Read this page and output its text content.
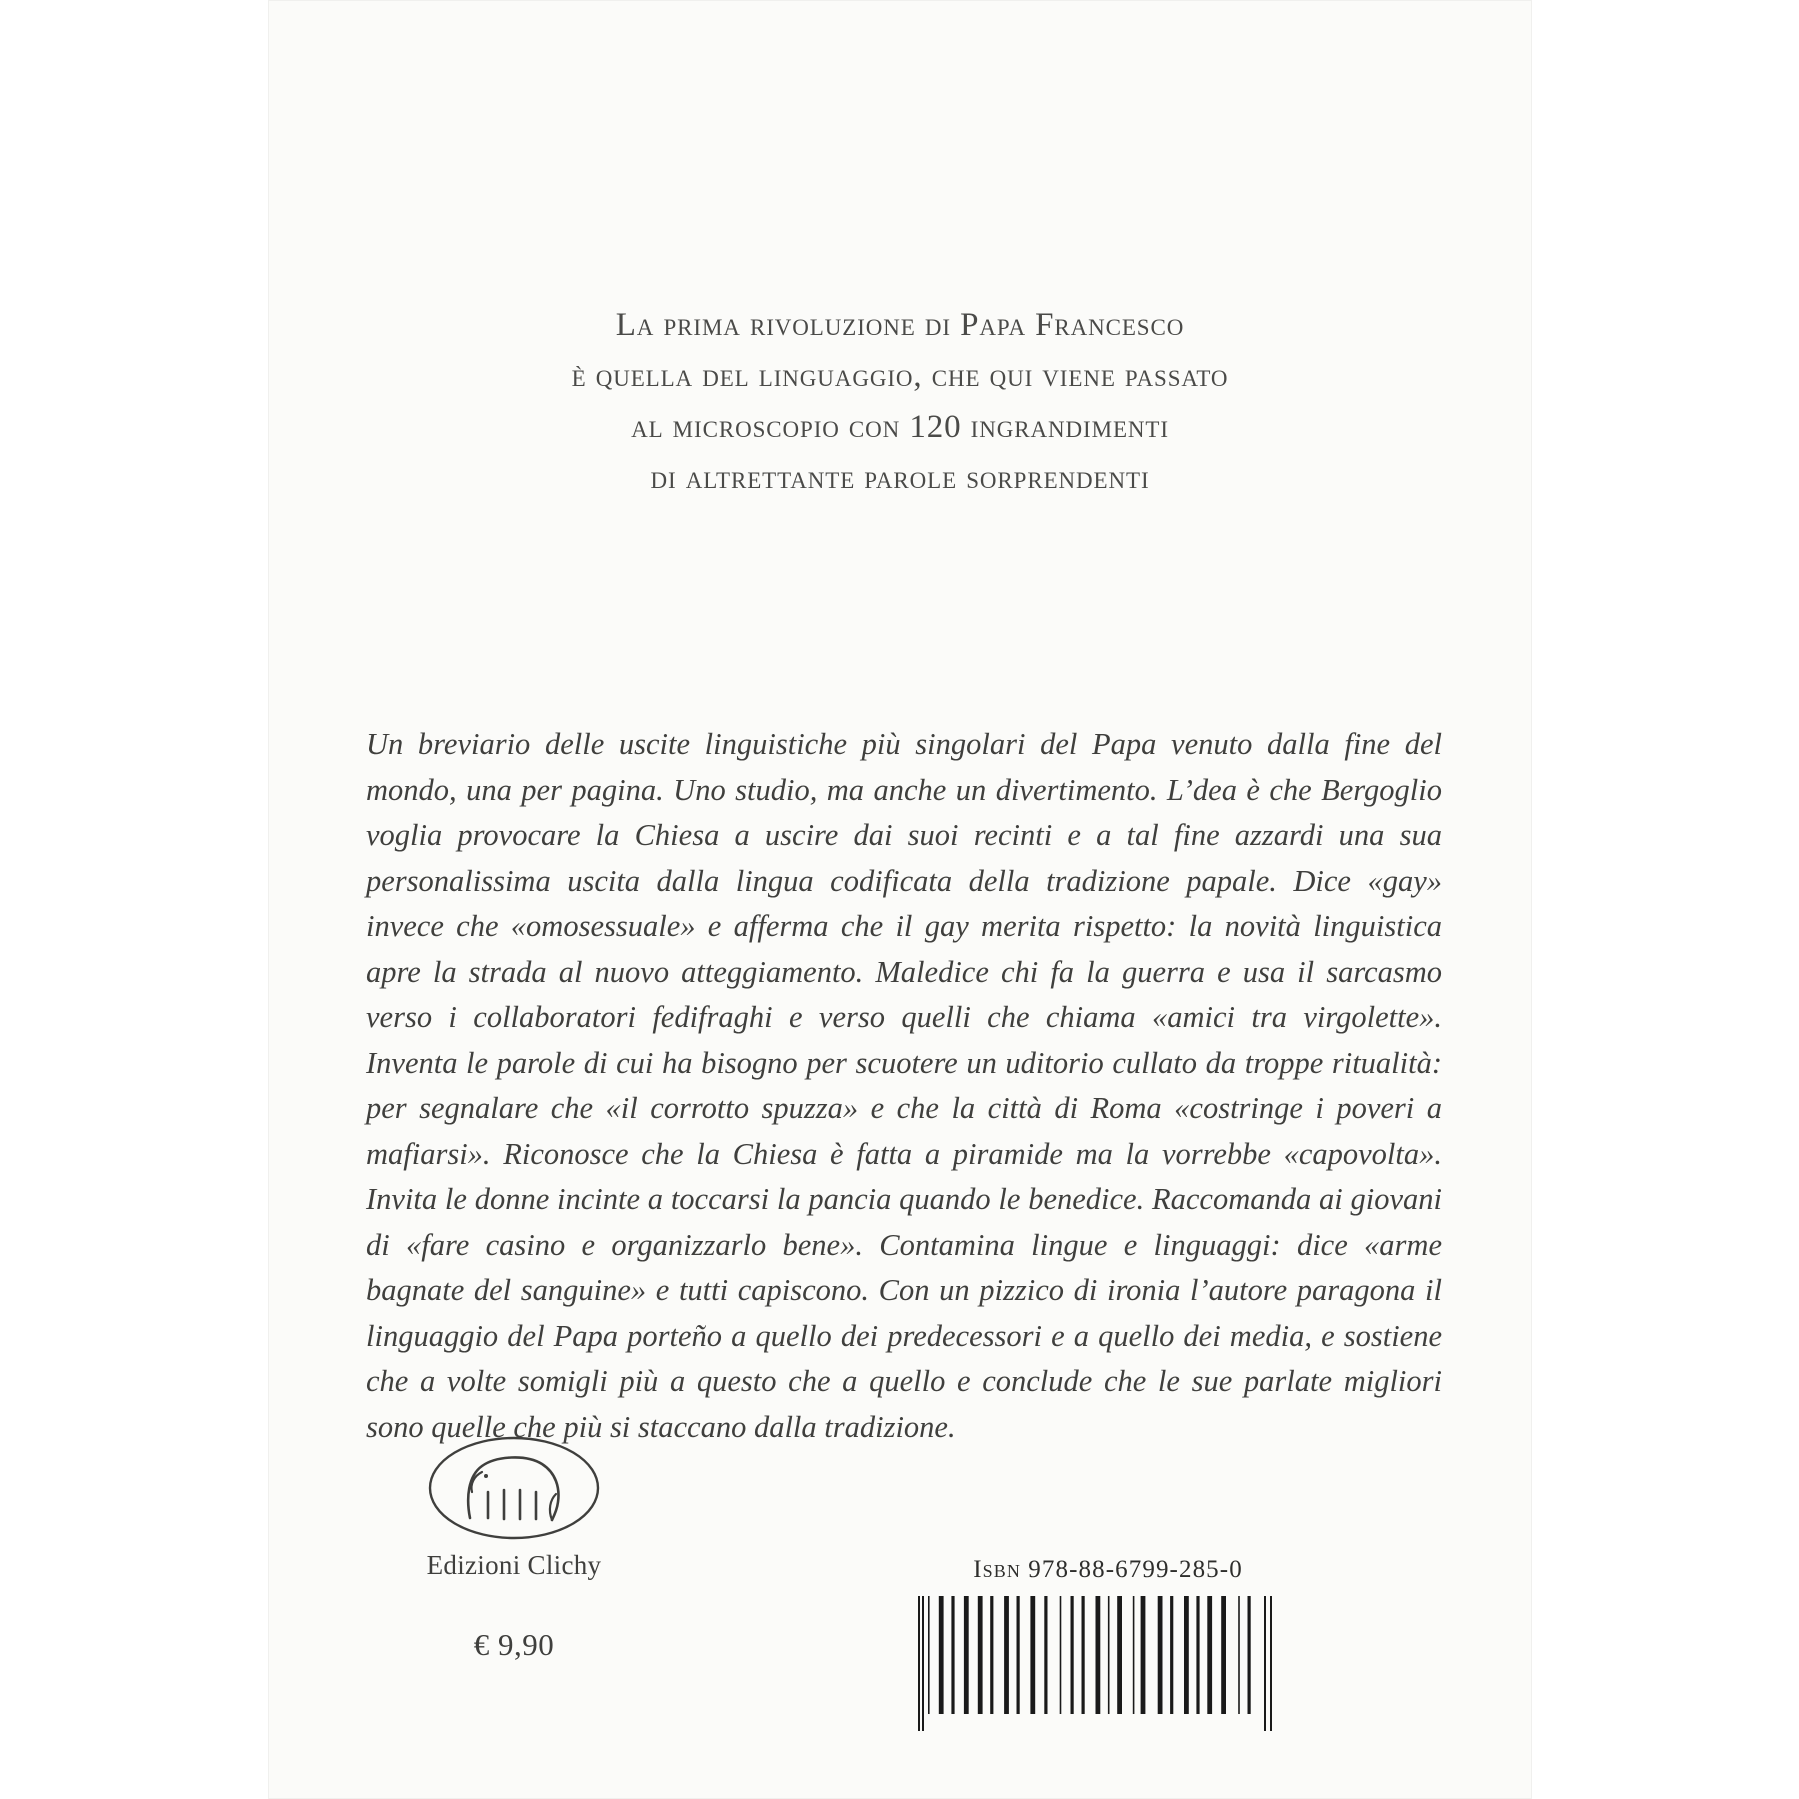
La prima rivoluzione di Papa Francesco
è quella del linguaggio, che qui viene passato
al microscopio con 120 ingrandimenti
di altrettante parole sorprendenti
Un breviario delle uscite linguistiche più singolari del Papa venuto dalla fine del mondo, una per pagina. Uno studio, ma anche un divertimento. L’dea è che Bergoglio voglia provocare la Chiesa a uscire dai suoi recinti e a tal fine azzardi una sua personalissima uscita dalla lingua codificata della tradizione papale. Dice «gay» invece che «omosessuale» e afferma che il gay merita rispetto: la novità linguistica apre la strada al nuovo atteggiamento. Maledice chi fa la guerra e usa il sarcasmo verso i collaboratori fedifraghi e verso quelli che chiama «amici tra virgolette». Inventa le parole di cui ha bisogno per scuotere un uditorio cullato da troppe ritualità: per segnalare che «il corrotto spuzza» e che la città di Roma «costringe i poveri a mafiarsi». Riconosce che la Chiesa è fatta a piramide ma la vorrebbe «capovolta». Invita le donne incinte a toccarsi la pancia quando le benedice. Raccomanda ai giovani di «fare casino e organizzarlo bene». Contamina lingue e linguaggi: dice «arme bagnate del sanguine» e tutti capiscono. Con un pizzico di ironia l’autore paragona il linguaggio del Papa porteño a quello dei predecessori e a quello dei media, e sostiene che a volte somigli più a questo che a quello e conclude che le sue parlate migliori sono quelle che più si staccano dalla tradizione.
Edizioni Clichy
€ 9,90
Isbn 978-88-6799-285-0
